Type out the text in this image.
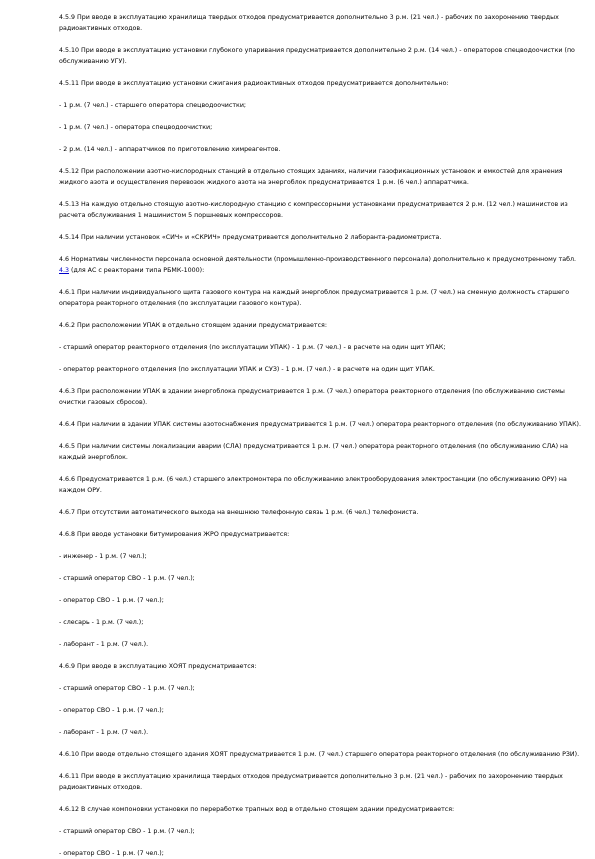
4.5.9 При вводе в эксплуатацию хранилища твердых отходов предусматривается дополнительно 3 р.м. (21 чел.) - рабочих по захоронению твердых радиоактивных отходов.

4.5.10 При вводе в эксплуатацию установки глубокого упаривания предусматривается дополнительно 2 р.м. (14 чел.) - операторов спецводоочистки (по обслуживанию УГУ).

4.5.11 При вводе в эксплуатацию установки сжигания радиоактивных отходов предусматривается дополнительно:

- 1 р.м. (7 чел.) - старшего оператора спецводоочистки;

- 1 р.м. (7 чел.) - оператора спецводоочистки;

- 2 р.м. (14 чел.) - аппаратчиков по приготовлению химреагентов.

4.5.12 При расположении азотно-кислородных станций в отдельно стоящих зданиях, наличии газофикационных установок и емкостей для хранения жидкого азота и осуществления перевозок жидкого азота на энергоблок предусматривается 1 р.м. (6 чел.) аппаратчика.

4.5.13 На каждую отдельно стоящую азотно-кислородную станцию с компрессорными установками предусматривается 2 р.м. (12 чел.) машинистов из расчета обслуживания 1 машинистом 5 поршневых компрессоров.

4.5.14 При наличии установок «СИЧ» и «СКРИЧ» предусматривается дополнительно 2 лаборанта-радиометриста.

4.6 Нормативы численности персонала основной деятельности (промышленно-производственного персонала) дополнительно к предусмотренному табл. 4.3 (для АС с реакторами типа РБМК-1000):

4.6.1 При наличии индивидуального щита газового контура на каждый энергоблок предусматривается 1 р.м. (7 чел.) на сменную должность старшего оператора реакторного отделения (по эксплуатации газового контура).

4.6.2 При расположении УПАК в отдельно стоящем здании предусматривается:

- старший оператор реакторного отделения (по эксплуатации УПАК) - 1 р.м. (7 чел.) - в расчете на один щит УПАК;

- оператор реакторного отделения (по эксплуатации УПАК и СУЗ) - 1 р.м. (7 чел.) - в расчете на один щит УПАК.

4.6.3 При расположении УПАК в здании энергоблока предусматривается 1 р.м. (7 чел.) оператора реакторного отделения (по обслуживанию системы очистки газовых сбросов).

4.6.4 При наличии в здании УПАК системы азотоснабжения предусматривается 1 р.м. (7 чел.) оператора реакторного отделения (по обслуживанию УПАК).

4.6.5 При наличии системы локализации аварии (СЛА) предусматривается 1 р.м. (7 чел.) оператора реакторного отделения (по обслуживанию СЛА) на каждый энергоблок.

4.6.6 Предусматривается 1 р.м. (6 чел.) старшего электромонтера по обслуживанию электрооборудования электростанции (по обслуживанию ОРУ) на каждом ОРУ.

4.6.7 При отсутствии автоматического выхода на внешнюю телефонную связь 1 р.м. (6 чел.) телефониста.

4.6.8 При вводе установки битумирования ЖРО предусматривается:

- инженер - 1 р.м. (7 чел.);

- старший оператор СВО - 1 р.м. (7 чел.);

- оператор СВО - 1 р.м. (7 чел.);

- слесарь - 1 р.м. (7 чел.);

- лаборант - 1 р.м. (7 чел.).

4.6.9 При вводе в эксплуатацию ХОЯТ предусматривается:

- старший оператор СВО - 1 р.м. (7 чел.);

- оператор СВО - 1 р.м. (7 чел.);

- лаборант - 1 р.м. (7 чел.).

4.6.10 При вводе отдельно стоящего здания ХОЯТ предусматривается 1 р.м. (7 чел.) старшего оператора реакторного отделения (по обслуживанию РЗИ).

4.6.11 При вводе в эксплуатацию хранилища твердых отходов предусматривается дополнительно 3 р.м. (21 чел.) - рабочих по захоронению твердых радиоактивных отходов.

4.6.12 В случае компоновки установки по переработке трапных вод в отдельно стоящем здании предусматривается:

- старший оператор СВО - 1 р.м. (7 чел.);

- оператор СВО - 1 р.м. (7 чел.);
